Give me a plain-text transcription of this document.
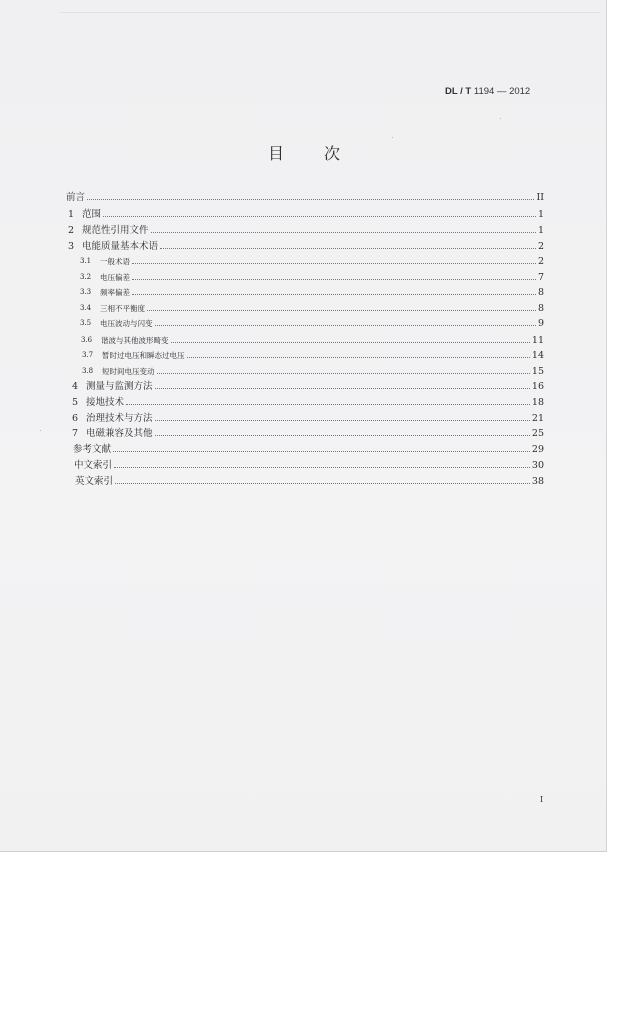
DL / T 1194 — 2012
目次
前言	II
1 范围	1
2 规范性引用文件	1
3 电能质量基本术语	2
3.1	一般术语	2
3.2	电压偏差	7
3.3	频率偏差	8
3.4	三相不平衡度	8
3.5	电压波动与闪变	9
3.6	谐波与其他波形畸变	11
3.7	暂时过电压和瞬态过电压	14
3.8	短时间电压变动	15
4 测量与监测方法	16
5 接地技术	18
6 治理技术与方法	21
7 电磁兼容及其他	25
参考文献	29
中文索引	30
英文索引	38
I
